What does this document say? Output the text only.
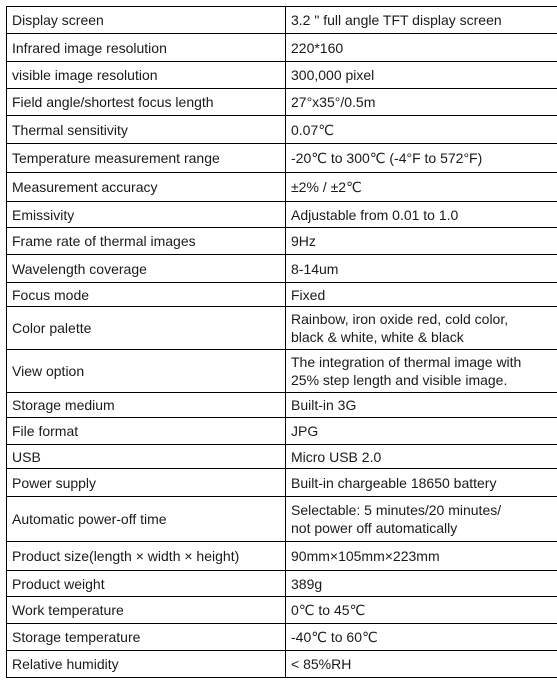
Display screen	3.2 " full angle TFT display screen
Infrared image resolution	220*160
visible image resolution	300,000 pixel
Field angle/shortest focus length	27°x35°/0.5m
Thermal sensitivity	0.07℃
Temperature measurement range	-20℃ to 300℃ (-4°F to 572°F)
Measurement accuracy	±2% / ±2℃
Emissivity	Adjustable from 0.01 to 1.0
Frame rate of thermal images	9Hz
Wavelength coverage	8-14um
Focus mode	Fixed
Color palette	Rainbow, iron oxide red, cold color,
black & white, white & black

View option	The integration of thermal image with
25% step length and visible image.

Storage medium	Built-in 3G
File format	JPG
USB	Micro USB 2.0
Power supply	Built-in chargeable 18650 battery
Automatic power-off time	Selectable: 5 minutes/20 minutes/
not power off automatically

Product size(length × width × height)	90mm×105mm×223mm
Product weight	389g
Work temperature	0℃ to 45℃
Storage temperature	-40℃ to 60℃
Relative humidity	< 85%RH
